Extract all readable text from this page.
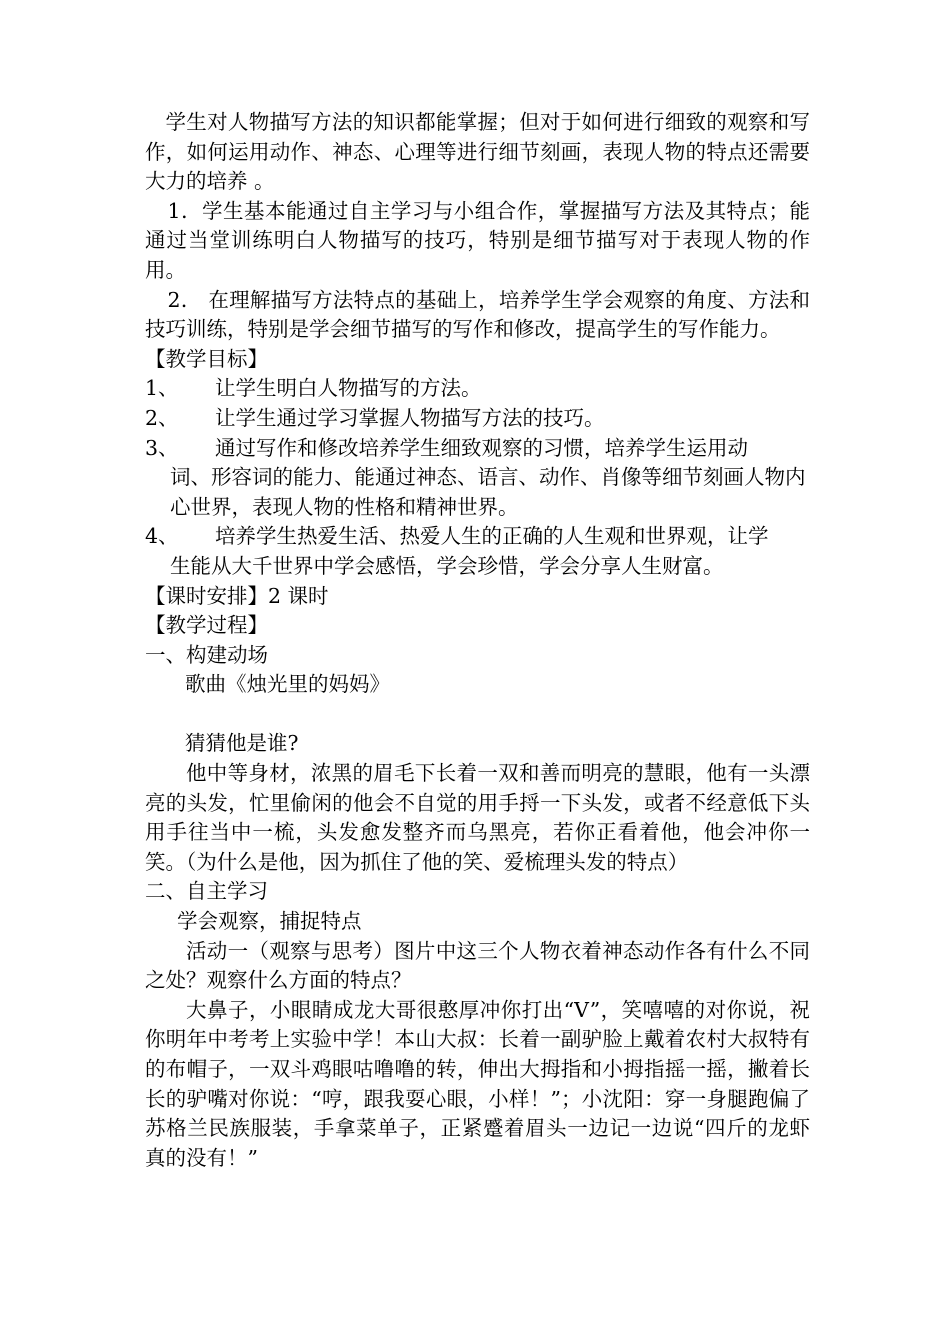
学生对人物描写方法的知识都能掌握；但对于如何进行细致的观察和写作，如何运用动作、神态、心理等进行细节刻画，表现人物的特点还需要大力的培养 。

1．学生基本能通过自主学习与小组合作，掌握描写方法及其特点；能通过当堂训练明白人物描写的技巧，特别是细节描写对于表现人物的作用。

2． 在理解描写方法特点的基础上，培养学生学会观察的角度、方法和技巧训练，特别是学会细节描写的写作和修改，提高学生的写作能力。

【教学目标】

1、	让学生明白人物描写的方法。
2、	让学生通过学习掌握人物描写方法的技巧。
3、	通过写作和修改培养学生细致观察的习惯，培养学生运用动
词、形容词的能力、能通过神态、语言、动作、肖像等细节刻画人物内心世界，表现人物的性格和精神世界。
4、	培养学生热爱生活、热爱人生的正确的人生观和世界观，让学
生能从大千世界中学会感悟，学会珍惜，学会分享人生财富。

【课时安排】2 课时

【教学过程】

一、构建动场

歌曲《烛光里的妈妈》

猜猜他是谁?

他中等身材，浓黑的眉毛下长着一双和善而明亮的慧眼，他有一头漂亮的头发，忙里偷闲的他会不自觉的用手捋一下头发，或者不经意低下头用手往当中一梳，头发愈发整齐而乌黑亮，若你正看着他，他会冲你一笑。（为什么是他，因为抓住了他的笑、爱梳理头发的特点）

二、自主学习

学会观察，捕捉特点

活动一（观察与思考）图片中这三个人物衣着神态动作各有什么不同之处？观察什么方面的特点？

大鼻子，小眼睛成龙大哥很憨厚冲你打出“V”，笑嘻嘻的对你说，祝你明年中考考上实验中学！本山大叔：长着一副驴脸上戴着农村大叔特有的布帽子，一双斗鸡眼咕噜噜的转，伸出大拇指和小拇指摇一摇，撇着长长的驴嘴对你说：“哼，跟我耍心眼，小样！”；小沈阳：穿一身腿跑偏了苏格兰民族服装，手拿菜单子，正紧蹙着眉头一边记一边说“四斤的龙虾真的没有！”
